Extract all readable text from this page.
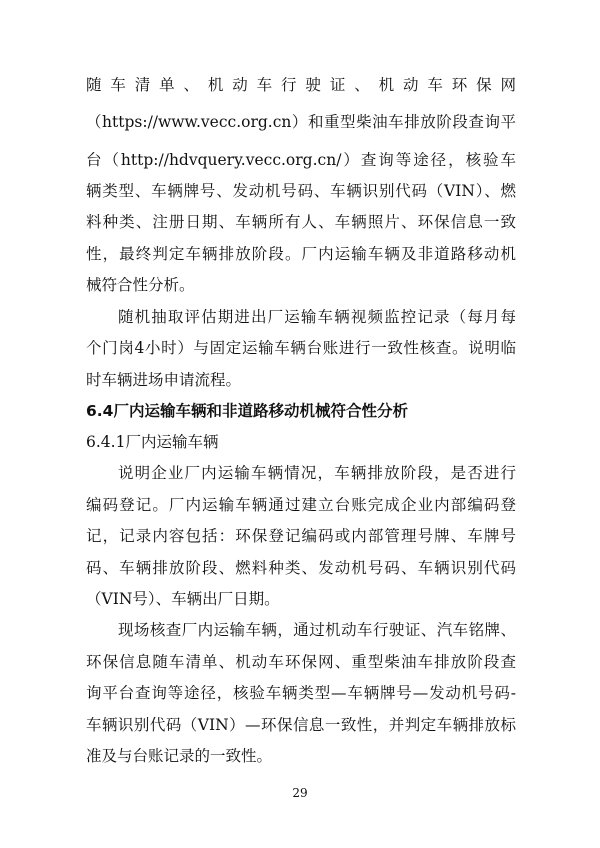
随车清单、机动车行驶证、机动车环保网
（https://www.vecc.org.cn）和重型柴油车排放阶段查询平
台（http://hdvquery.vecc.org.cn/）查询等途径，核验车
辆类型、车辆牌号、发动机号码、车辆识别代码（VIN）、燃
料种类、注册日期、车辆所有人、车辆照片、环保信息一致
性，最终判定车辆排放阶段。厂内运输车辆及非道路移动机
械符合性分析。
随机抽取评估期进出厂运输车辆视频监控记录（每月每
个门岗4小时）与固定运输车辆台账进行一致性核查。说明临
时车辆进场申请流程。
6.4厂内运输车辆和非道路移动机械符合性分析
6.4.1厂内运输车辆
说明企业厂内运输车辆情况，车辆排放阶段，是否进行
编码登记。厂内运输车辆通过建立台账完成企业内部编码登
记，记录内容包括：环保登记编码或内部管理号牌、车牌号
码、车辆排放阶段、燃料种类、发动机号码、车辆识别代码
（VIN号）、车辆出厂日期。
现场核查厂内运输车辆，通过机动车行驶证、汽车铭牌、
环保信息随车清单、机动车环保网、重型柴油车排放阶段查
询平台查询等途径，核验车辆类型—车辆牌号—发动机号码-
车辆识别代码（VIN）—环保信息一致性，并判定车辆排放标
准及与台账记录的一致性。
29
